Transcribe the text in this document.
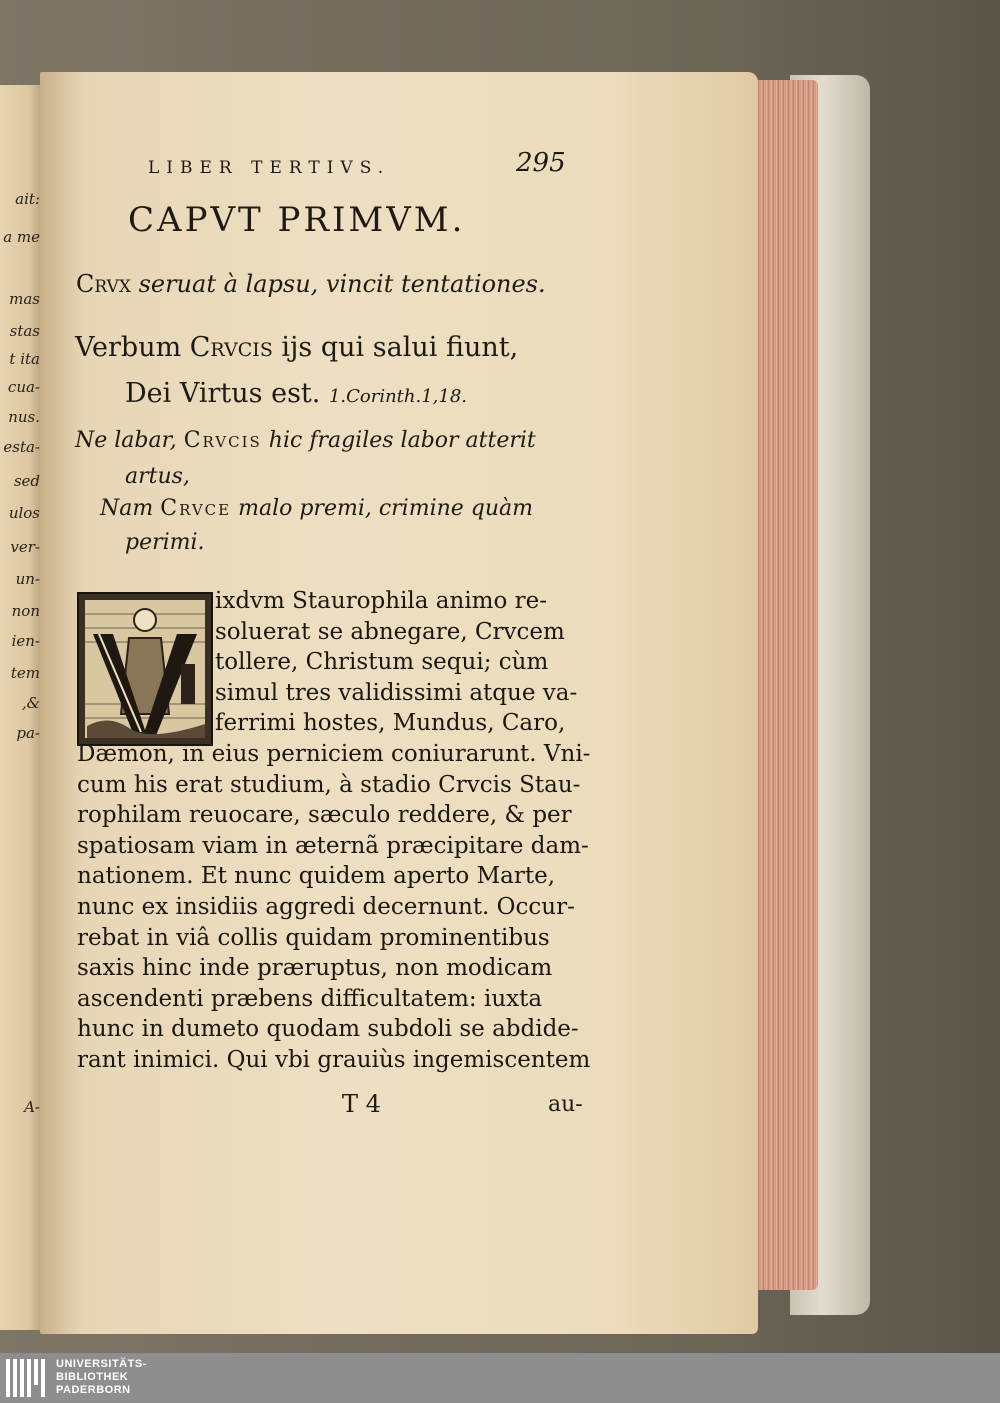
ait:
a me
mas
stas
t ita
cua-
nus.
esta-
sed
ulos
ver-
un-
non
ien-
tem
,&
pa-
A-
LIBER TERTIVS.	295
CAPVT PRIMVM.
Crvx seruat à lapsu, vincit tentationes.
Verbum Crvcis ijs qui salui fiunt,
Dei Virtus est. 1.Corinth.1,18.
Ne labar, Crvcis hic fragiles labor atterit
artus,
Nam Crvce malo premi, crimine quàm
perimi.
ixdvm Staurophila animo re-
soluerat se abnegare, Crvcem
tollere, Christum sequi; cùm
simul tres validissimi atque va-
ferrimi hostes, Mundus, Caro,
Dæmon, in eius perniciem coniurarunt. Vni-
cum his erat studium, à stadio Crvcis Stau-
rophilam reuocare, sæculo reddere, & per
spatiosam viam in æternã præcipitare dam-
nationem. Et nunc quidem aperto Marte,
nunc ex insidiis aggredi decernunt. Occur-
rebat in viâ collis quidam prominentibus
saxis hinc inde præruptus, non modicam
ascendenti præbens difficultatem: iuxta
hunc in dumeto quodam subdoli se abdide-
rant inimici. Qui vbi grauiùs ingemiscentem
T 4	au-
UNIVERSITÄTS-
BIBLIOTHEK
PADERBORN
